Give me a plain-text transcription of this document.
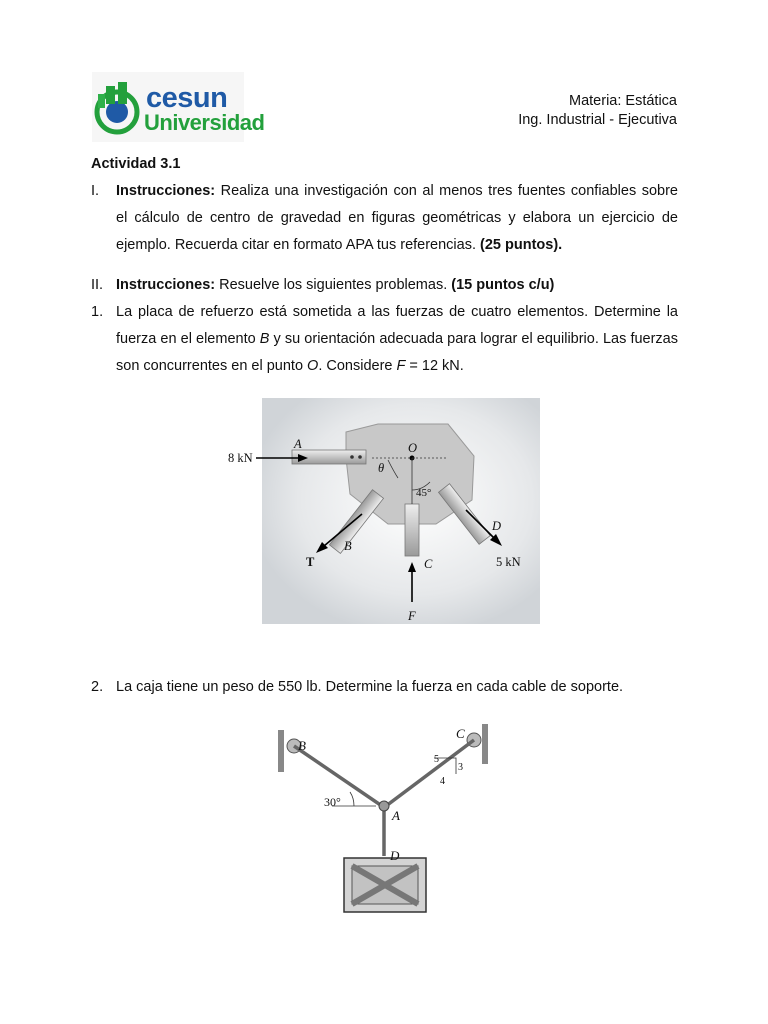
cesun
Universidad
Materia: Estática
Ing. Industrial - Ejecutiva
Actividad 3.1
I. Instrucciones: Realiza una investigación con al menos tres fuentes confiables sobre el cálculo de centro de gravedad en figuras geométricas y elabora un ejercicio de ejemplo. Recuerda citar en formato APA tus referencias. (25 puntos).
II. Instrucciones: Resuelve los siguientes problemas. (15 puntos c/u)
1. La placa de refuerzo está sometida a las fuerzas de cuatro elementos. Determine la fuerza en el elemento B y su orientación adecuada para lograr el equilibrio. Las fuerzas son concurrentes en el punto O. Considere F = 12 kN.
8 kN
A	O
θ
45°
B
T	C
D
5 kN
F
2. La caja tiene un peso de 550 lb. Determine la fuerza en cada cable de soporte.
B
C
A
D
30°
5
3
4
